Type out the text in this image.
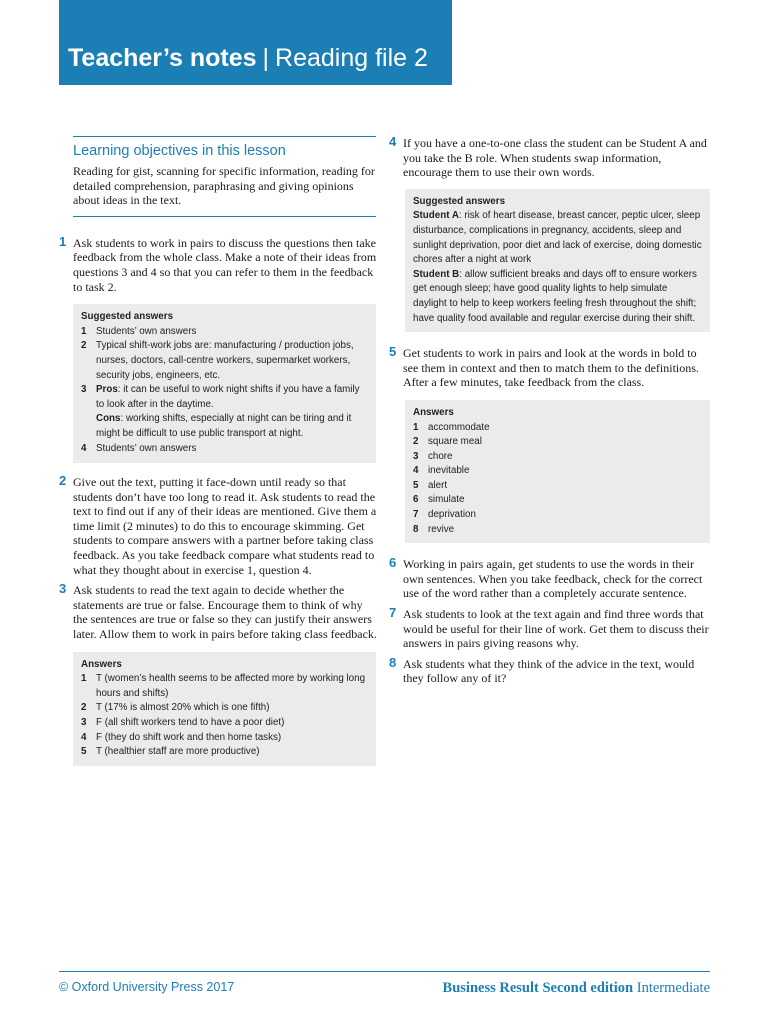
Teacher’s notes | Reading file 2
Learning objectives in this lesson
Reading for gist, scanning for specific information, reading for detailed comprehension, paraphrasing and giving opinions about ideas in the text.
1 Ask students to work in pairs to discuss the questions then take feedback from the whole class. Make a note of their ideas from questions 3 and 4 so that you can refer to them in the feedback to task 2.
Suggested answers
1 Students’ own answers
2 Typical shift-work jobs are: manufacturing / production jobs, nurses, doctors, call-centre workers, supermarket workers, security jobs, engineers, etc.
3 Pros: it can be useful to work night shifts if you have a family to look after in the daytime.
Cons: working shifts, especially at night can be tiring and it might be difficult to use public transport at night.
4 Students’ own answers
2 Give out the text, putting it face-down until ready so that students don’t have too long to read it. Ask students to read the text to find out if any of their ideas are mentioned. Give them a time limit (2 minutes) to do this to encourage skimming. Get students to compare answers with a partner before taking class feedback. As you take feedback compare what students read to what they thought about in exercise 1, question 4.
3 Ask students to read the text again to decide whether the statements are true or false. Encourage them to think of why the sentences are true or false so they can justify their answers later. Allow them to work in pairs before taking class feedback.
Answers
1 T (women’s health seems to be affected more by working long hours and shifts)
2 T (17% is almost 20% which is one fifth)
3 F (all shift workers tend to have a poor diet)
4 F (they do shift work and then home tasks)
5 T (healthier staff are more productive)
4 If you have a one-to-one class the student can be Student A and you take the B role. When students swap information, encourage them to use their own words.
Suggested answers
Student A: risk of heart disease, breast cancer, peptic ulcer, sleep disturbance, complications in pregnancy, accidents, sleep and sunlight deprivation, poor diet and lack of exercise, doing domestic chores after a night at work
Student B: allow sufficient breaks and days off to ensure workers get enough sleep; have good quality lights to help simulate daylight to help to keep workers feeling fresh throughout the shift; have quality food available and regular exercise during their shift.
5 Get students to work in pairs and look at the words in bold to see them in context and then to match them to the definitions. After a few minutes, take feedback from the class.
Answers
1 accommodate
2 square meal
3 chore
4 inevitable
5 alert
6 simulate
7 deprivation
8 revive
6 Working in pairs again, get students to use the words in their own sentences. When you take feedback, check for the correct use of the word rather than a completely accurate sentence.
7 Ask students to look at the text again and find three words that would be useful for their line of work. Get them to discuss their answers in pairs giving reasons why.
8 Ask students what they think of the advice in the text, would they follow any of it?
© Oxford University Press 2017	Business Result Second edition Intermediate
